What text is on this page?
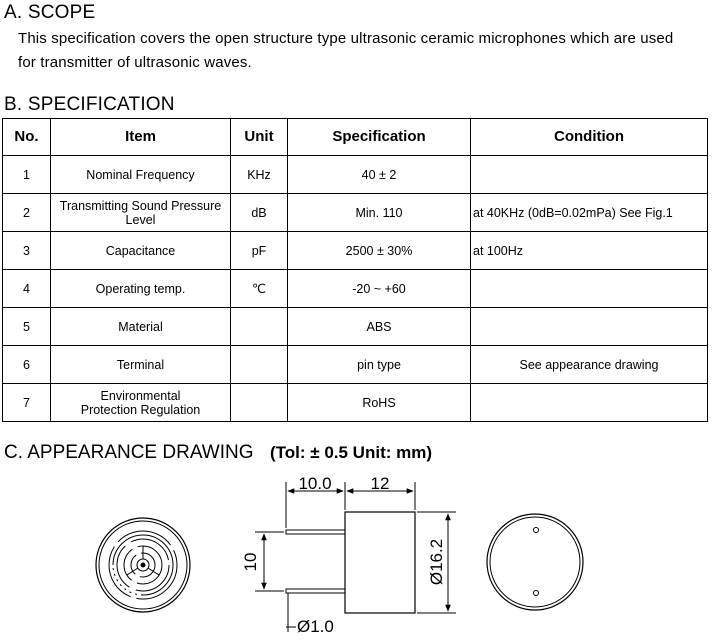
A. SCOPE
This specification covers the open structure type ultrasonic ceramic microphones which are used
for transmitter of ultrasonic waves.
B. SPECIFICATION
No.	Item	Unit	Specification	Condition
1	Nominal Frequency	KHz	40 ± 2	
2	Transmitting Sound Pressure
Level	dB	Min. 110	at 40KHz (0dB=0.02mPa) See Fig.1
3	Capacitance	pF	2500 ± 30%	at 100Hz
4	Operating temp.	℃	-20 ~ +60	
5	Material		ABS	
6	Terminal		pin type	See appearance drawing
7	Environmental
Protection Regulation		RoHS	
C. APPEARANCE DRAWING (Tol: ± 0.5 Unit: mm)
10.0 12
10	Ø16.2
Ø1.0
